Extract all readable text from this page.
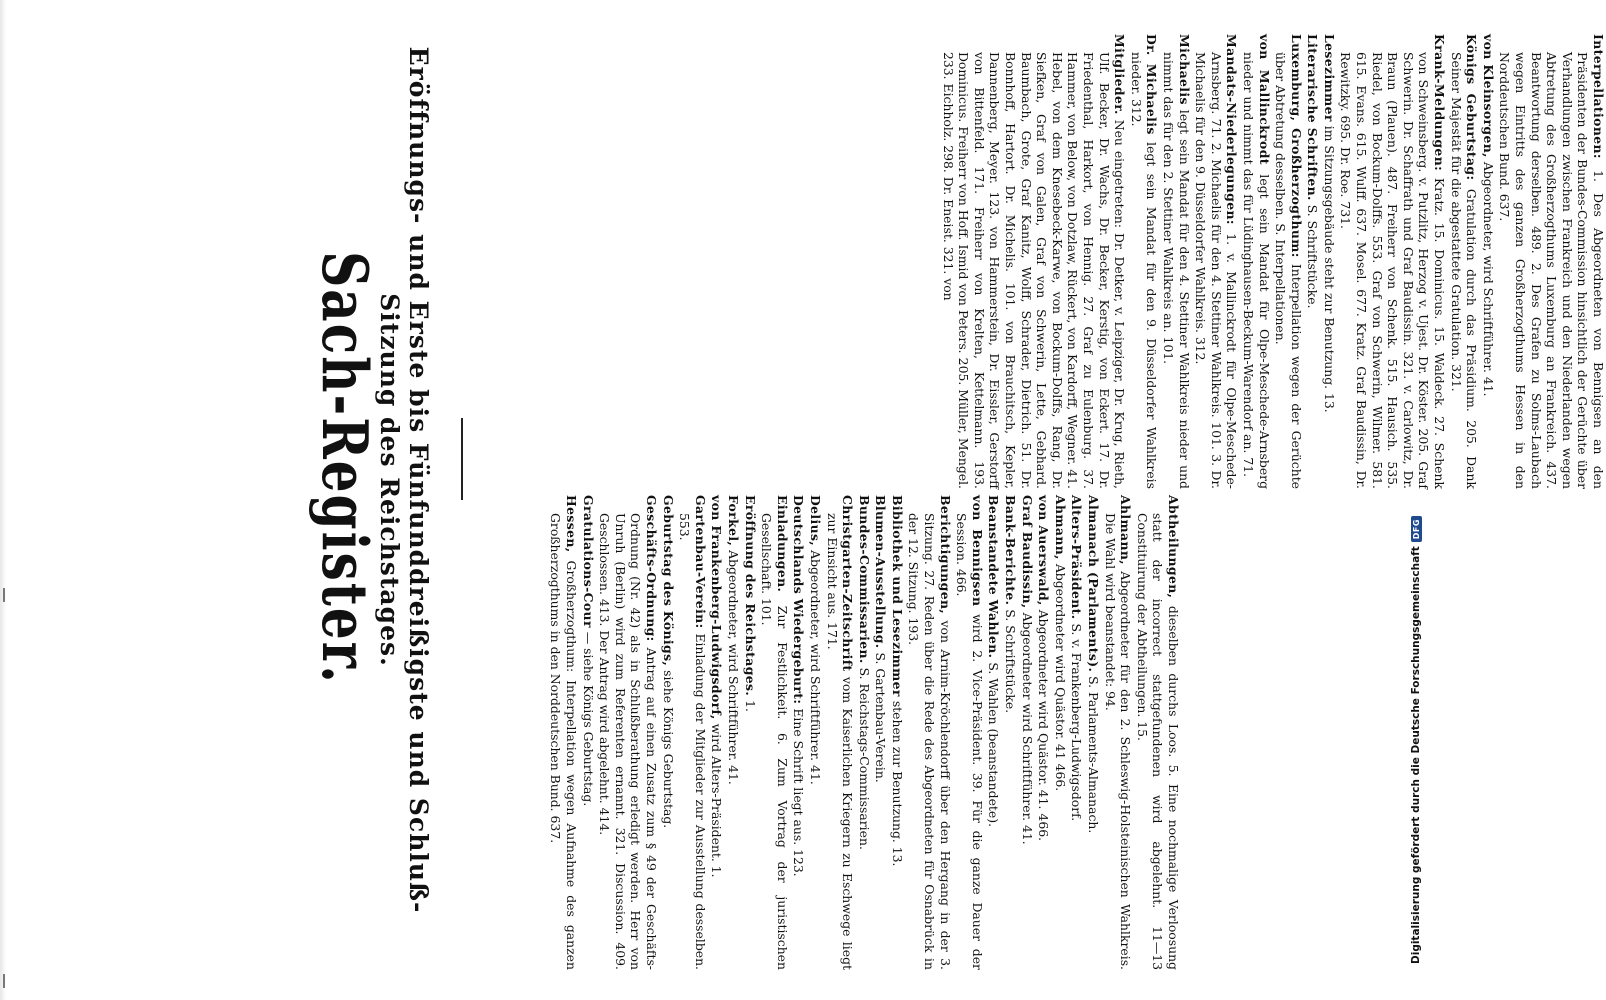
Sach-Register. Eröffnungs- und Erste bis Fünfunddreißigste und Schluß-Sitzung des Reichstages.	Abtheilungen, dieselben durchs Loos. 5. Eine nochmalige Verloosung statt der incorrect stattgefundenen wird abgelehnt. 11—13 Constituirung der Abtheilungen. 15.
Ahlmann, Abgeordneter für den 2. Schleswig-Holsteinischen Wahlkreis. Die Wahl wird beanstandet: 94.
Almanach (Parlaments). S. Parlaments-Almanach.
Alters-Präsident. S. v. Frankenberg-Ludwigsdorf.
Ahmann, Abgeordneter wird Quästor. 41 466.
von Auerswald, Abgeordneter wird Quästor. 41. 466.
Graf Baudissin, Abgeordneter wird Schriftführer. 41.
Bank-Berichte. S. Schriftstücke.
Beanstandete Wahlen. S. Wahlen (beanstandete).
von Bennigsen wird 2. Vice-Präsident. 39. Für die ganze Dauer der Session. 466.
Berichtigungen, von Arnim-Kröchlendorff über den Hergang in der 3. Sitzung. 27. Reden über die Rede des Abgeordneten für Osnabrück in der 12. Sitzung. 193.
Bibliothek und Lesezimmer stehen zur Benutzung. 13.
Blumen-Ausstellung. S. Gartenbau-Verein.
Bundes-Commissarien. S. Reichstags-Commissarien.
Christgarten-Zeitschrift vom Kaiserlichen Kriegern zu Eschwege liegt zur Einsicht aus. 171.
Delius, Abgeordneter, wird Schriftführer. 41.
Deutschlands Wiedergeburt: Eine Schrift liegt aus. 123.
Einladungen. Zur Festlichkeit. 6. Zum Vortrag der juristischen Gesellschaft. 101.
Eröffnung des Reichstages. 1.
Forkel, Abgeordneter, wird Schriftführer. 41.
von Frankenberg-Ludwigsdorf, wird Alters-Präsident. 1.
Gartenbau-Verein: Einladung der Mitglieder zur Ausstellung desselben. 553.
Geburtstag des Königs, siehe Königs Geburtstag.
Geschäfts-Ordnung: Antrag auf einen Zusatz zum § 49 der Geschäfts-Ordnung (Nr. 42) als in Schlußberathung erledigt werden. Herr von Unruh (Berlin) wird zum Referenten ernannt. 321. Discussion. 409. Geschlossen. 413. Der Antrag wird abgelehnt. 414.
Gratulations-Cour — siehe Königs Geburtstag.
Hessen, Großherzogthum: Interpellation wegen Aufnahme des ganzen Großherzogthums in den Norddeutschen Bund. 637.
Interpellationen: 1. Des Abgeordneten von Bennigsen an den Präsidenten der Bundes-Commission hinsichtlich der Gerüchte über Verhandlungen zwischen Frankreich und den Niederlanden wegen Abtretung des Großherzogthums Luxemburg an Frankreich. 437. Beantwortung derselben. 489. 2. Des Grafen zu Solms-Laubach wegen Eintritts des ganzen Großherzogthums Hessen in den Norddeutschen Bund. 637.
von Kleinsorgen, Abgeordneter, wird Schriftführer. 41.
Königs Geburtstag: Gratulation durch das Präsidium. 205. Dank Seiner Majestät für die abgestattete Gratulation. 321.
Krank-Meldungen: Kratz. 15. Dominicus. 15. Waldeck. 27. Schenk von Schweinsberg. v. Putzlitz, Herzog v. Ujest. Dr. Köster. 205. Graf Schwerin. Dr. Schaffrath und Graf Baudissin. 321. v. Carlowitz, Dr. Braun (Plauen). 487. Freiherr von Schenk. 515. Hausich. 535. Riedel, von Bockum-Dolffs. 553. Graf von Schwerin, Wilmer. 581. 615. Evans. 615. Wulff. 637. Mosel. 677. Kratz. Graf Baudissin, Dr. Rewitzky. 695. Dr. Roe. 731.
Lesezimmer im Sitzungsgebäude steht zur Benutzung. 13.
Literarische Schriften. S. Schriftstücke.
Luxemburg, Großherzogthum: Interpellation wegen der Gerüchte über Abtretung desselben. S. Interpellationen.
von Mallinckrodt legt sein Mandat für Olpe-Meschede-Arnsberg nieder und nimmt das für Lüdinghausen-Beckum-Warendorf an. 71.
Mandats-Niederlegungen: 1. v. Mallinckrodt für Olpe-Meschede-Arnsberg. 71. 2. Michaelis für den 4. Stettiner Wahlkreis. 101. 3. Dr. Michaelis für den 9. Düsseldorfer Wahlkreis. 312.
Michaelis legt sein Mandat für den 4. Stettiner Wahlkreis nieder und nimmt das für den 2. Stettiner Wahlkreis an. 101.
Dr. Michaelis legt sein Mandat für den 9. Düsseldorfer Wahlkreis nieder. 312.
Mitglieder. Neu eingetreten: Dr. Detker, v. Leipziger, Dr. Krug, Rieth, Ulf. Becker, Dr. Wachs, Dr. Becker, Kerstig, von Eckert. 17. Dr. Friedenthal, Harkort, von Hennig. 27. Graf zu Eulenburg. 37. Hammer, von Below, von Dotzlaw, Rückert, von Kardorff, Wegner. 41. Hebel, von dem Knesebeck-Karwe, von Bockum-Dolffs, Rang, Dr. Siefken, Graf von Galen, Graf von Schwerin, Lette, Gebhard. Baumbach, Grote, Graf Kanitz, Wolff, Schrader, Dietrich. 51. Dr. Bonnhoff, Hartort. Dr. Michelis. 101. von Brauchitsch, Kepler, Dannenberg, Meyer. 123. von Hammerstein, Dr. Eissler, Gerstorff von Bittenfeld. 171. Freiherr von Krelten, Kettelmann. 193. Dominicus. Freiherr von Hoff. Ismid von Peters. 205. Müller, Mengel. 233. Eichholz. 298. Dr. Eneist. 321. von
Digitalisierung gefördert durch die Deutsche Forschungsgemeinschaft
DFG
